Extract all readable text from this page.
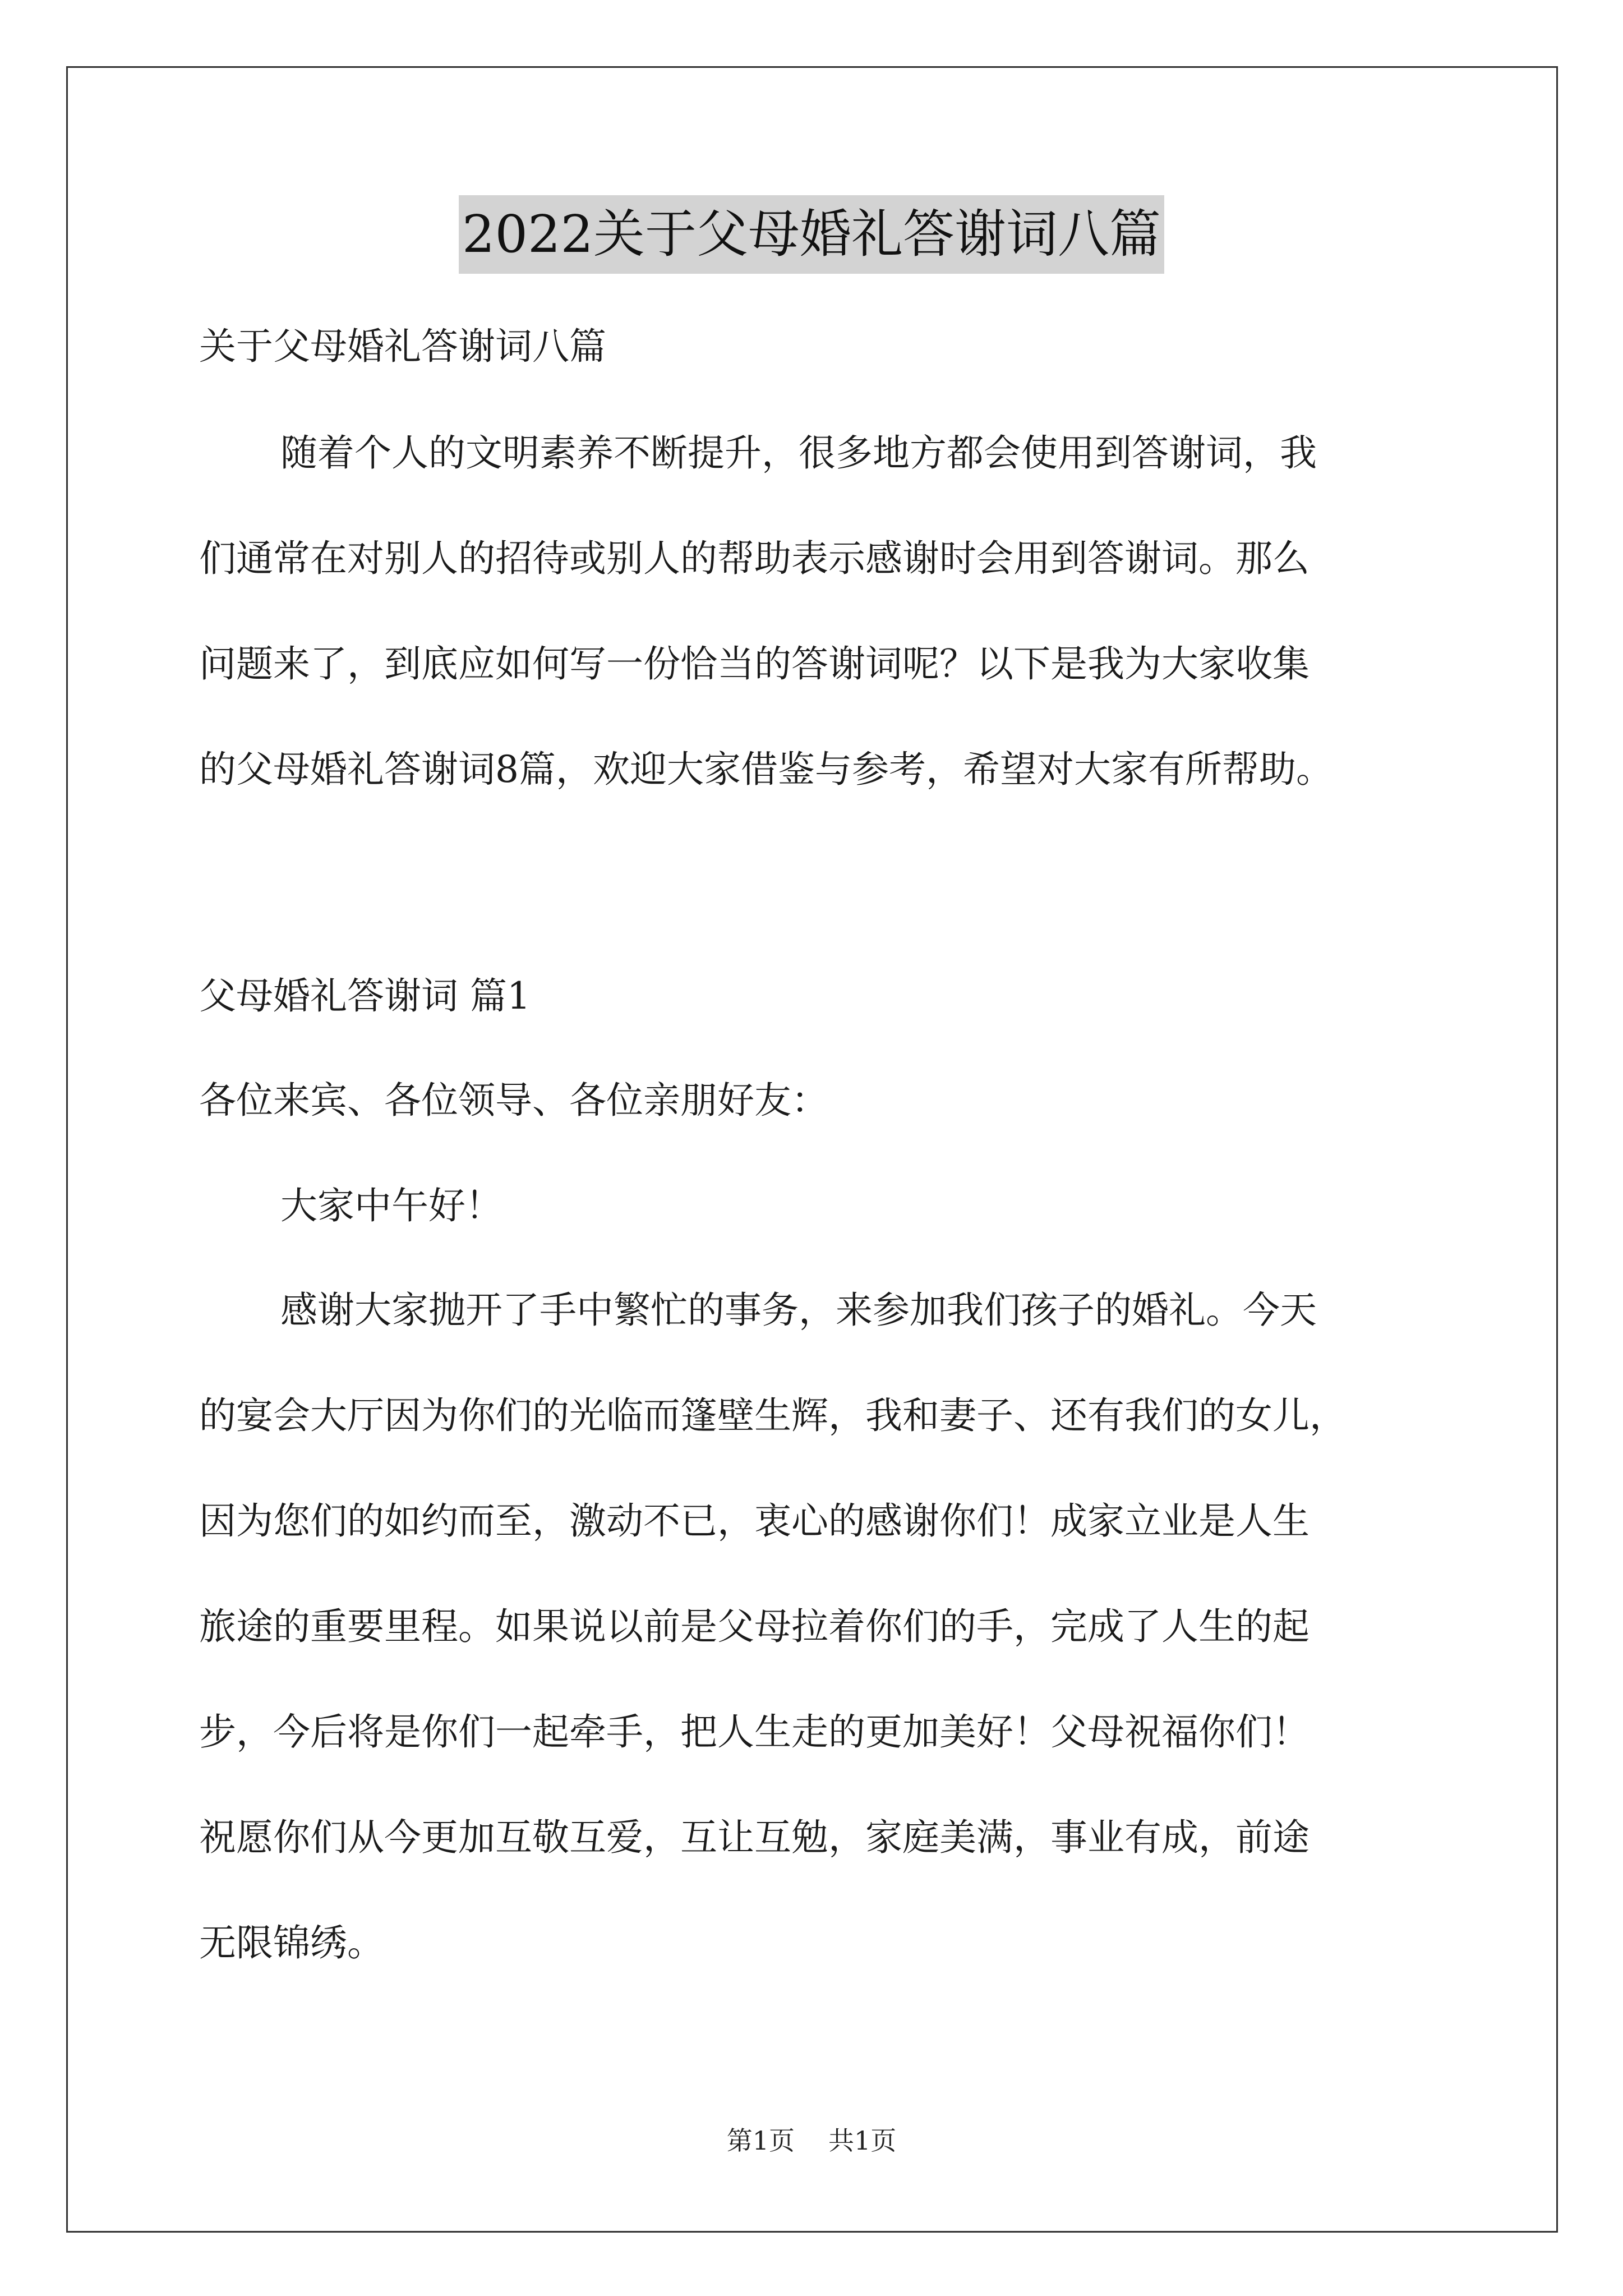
2022关于父母婚礼答谢词八篇
关于父母婚礼答谢词八篇
随着个人的文明素养不断提升，很多地方都会使用到答谢词，我
们通常在对别人的招待或别人的帮助表示感谢时会用到答谢词。那么
问题来了，到底应如何写一份恰当的答谢词呢？以下是我为大家收集
的父母婚礼答谢词8篇，欢迎大家借鉴与参考，希望对大家有所帮助。
父母婚礼答谢词 篇1
各位来宾、各位领导、各位亲朋好友：
大家中午好！
感谢大家抛开了手中繁忙的事务，来参加我们孩子的婚礼。今天
的宴会大厅因为你们的光临而篷壁生辉，我和妻子、还有我们的女儿，
因为您们的如约而至，激动不已，衷心的感谢你们！成家立业是人生
旅途的重要里程。如果说以前是父母拉着你们的手，完成了人生的起
步，今后将是你们一起牵手，把人生走的更加美好！父母祝福你们！
祝愿你们从今更加互敬互爱，互让互勉，家庭美满，事业有成，前途
无限锦绣。
第1页 共1页
